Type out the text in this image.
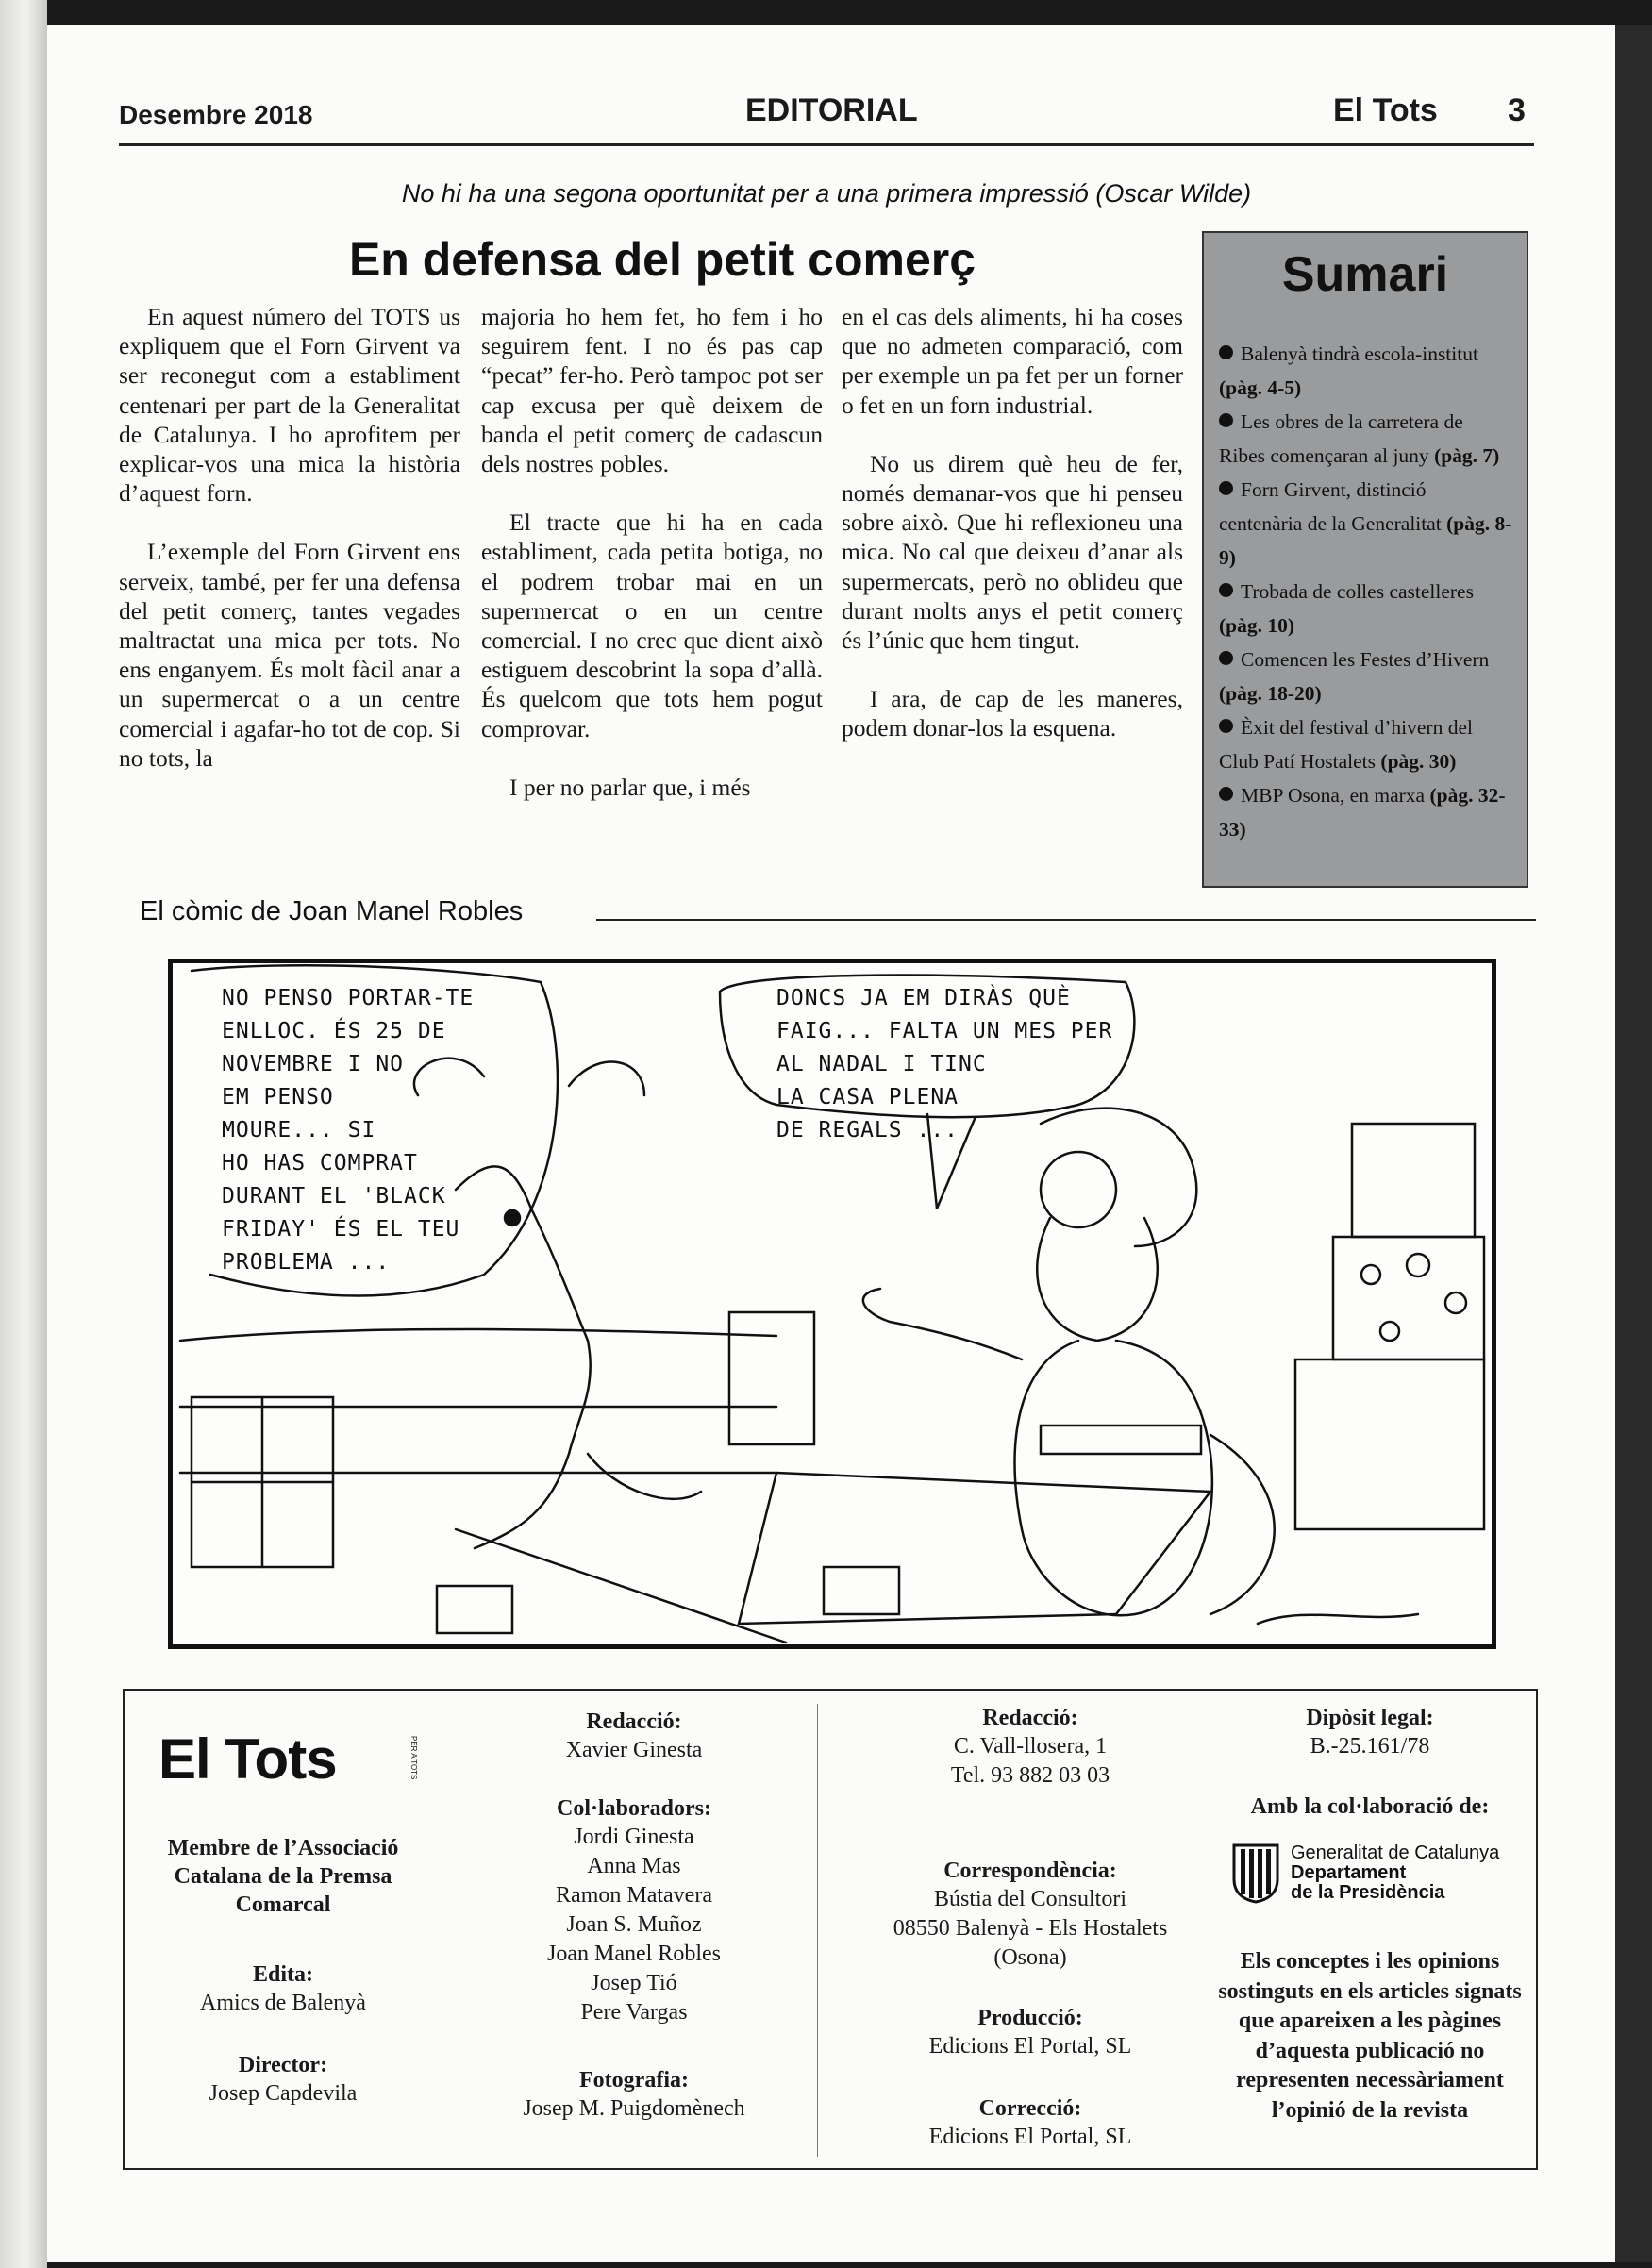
Desembre 2018	EDITORIAL	El Tots 3
No hi ha una segona oportunitat per a una primera impressió (Oscar Wilde)
En defensa del petit comerç

En aquest número del TOTS us expliquem que el Forn Girvent va ser reconegut com a establiment centenari per part de la Generalitat de Catalunya. I ho aprofitem per explicar-vos una mica la història d’aquest forn.

L’exemple del Forn Girvent ens serveix, també, per fer una defensa del petit comerç, tantes vegades maltractat una mica per tots. No ens enganyem. És molt fàcil anar a un supermercat o a un centre comercial i agafar-ho tot de cop. Si no tots, la

majoria ho hem fet, ho fem i ho seguirem fent. I no és pas cap “pecat” fer-ho. Però tampoc pot ser cap excusa per què deixem de banda el petit comerç de cadascun dels nostres pobles.

El tracte que hi ha en cada establiment, cada petita botiga, no el podrem trobar mai en un supermercat o en un centre comercial. I no crec que dient això estiguem descobrint la sopa d’allà. És quelcom que tots hem pogut comprovar.

I per no parlar que, i més

en el cas dels aliments, hi ha coses que no admeten comparació, com per exemple un pa fet per un forner o fet en un forn industrial.

No us direm què heu de fer, només demanar-vos que hi penseu sobre això. Que hi reflexioneu una mica. No cal que deixeu d’anar als supermercats, però no oblideu que durant molts anys el petit comerç és l’únic que hem tingut.

I ara, de cap de les maneres, podem donar-los la esquena.

Sumari
Balenyà tindrà escola-institut (pàg. 4-5)
Les obres de la carretera de Ribes començaran al juny (pàg. 7)
Forn Girvent, distinció centenària de la Generalitat (pàg. 8-9)
Trobada de colles castelleres (pàg. 10)
Comencen les Festes d’Hivern (pàg. 18-20)
Èxit del festival d’hivern del Club Patí Hostalets (pàg. 30)
MBP Osona, en marxa (pàg. 32-33)
El còmic de Joan Manel Robles
NO PENSO PORTAR-TE
ENLLOC. ÉS 25 DE
NOVEMBRE I NO
EM PENSO
MOURE... SI
HO HAS COMPRAT
DURANT EL 'BLACK
FRIDAY' ÉS EL TEU
PROBLEMA ...
DONCS JA EM DIRÀS QUÈ
FAIG... FALTA UN MES PER
AL NADAL I TINC
LA CASA PLENA
DE REGALS ...
El Tots	PER A TOTS
Membre de l’Associació Catalana de la Premsa Comarcal
Edita:
Amics de Balenyà
Director:
Josep Capdevila
Redacció:
Xavier Ginesta
Col·laboradors:
Jordi Ginesta
Anna Mas
Ramon Matavera
Joan S. Muñoz
Joan Manel Robles
Josep Tió
Pere Vargas
Fotografia:
Josep M. Puigdomènech
Redacció:
C. Vall-llosera, 1
Tel. 93 882 03 03
Correspondència:
Bústia del Consultori
08550 Balenyà - Els Hostalets
(Osona)
Producció:
Edicions El Portal, SL
Correcció:
Edicions El Portal, SL
Dipòsit legal:
B.-25.161/78
Amb la col·laboració de:
Generalitat de Catalunya
Departament
de la Presidència
Els conceptes i les opinions sostinguts en els articles signats que apareixen a les pàgines d’aquesta publicació no representen necessàriament l’opinió de la revista
